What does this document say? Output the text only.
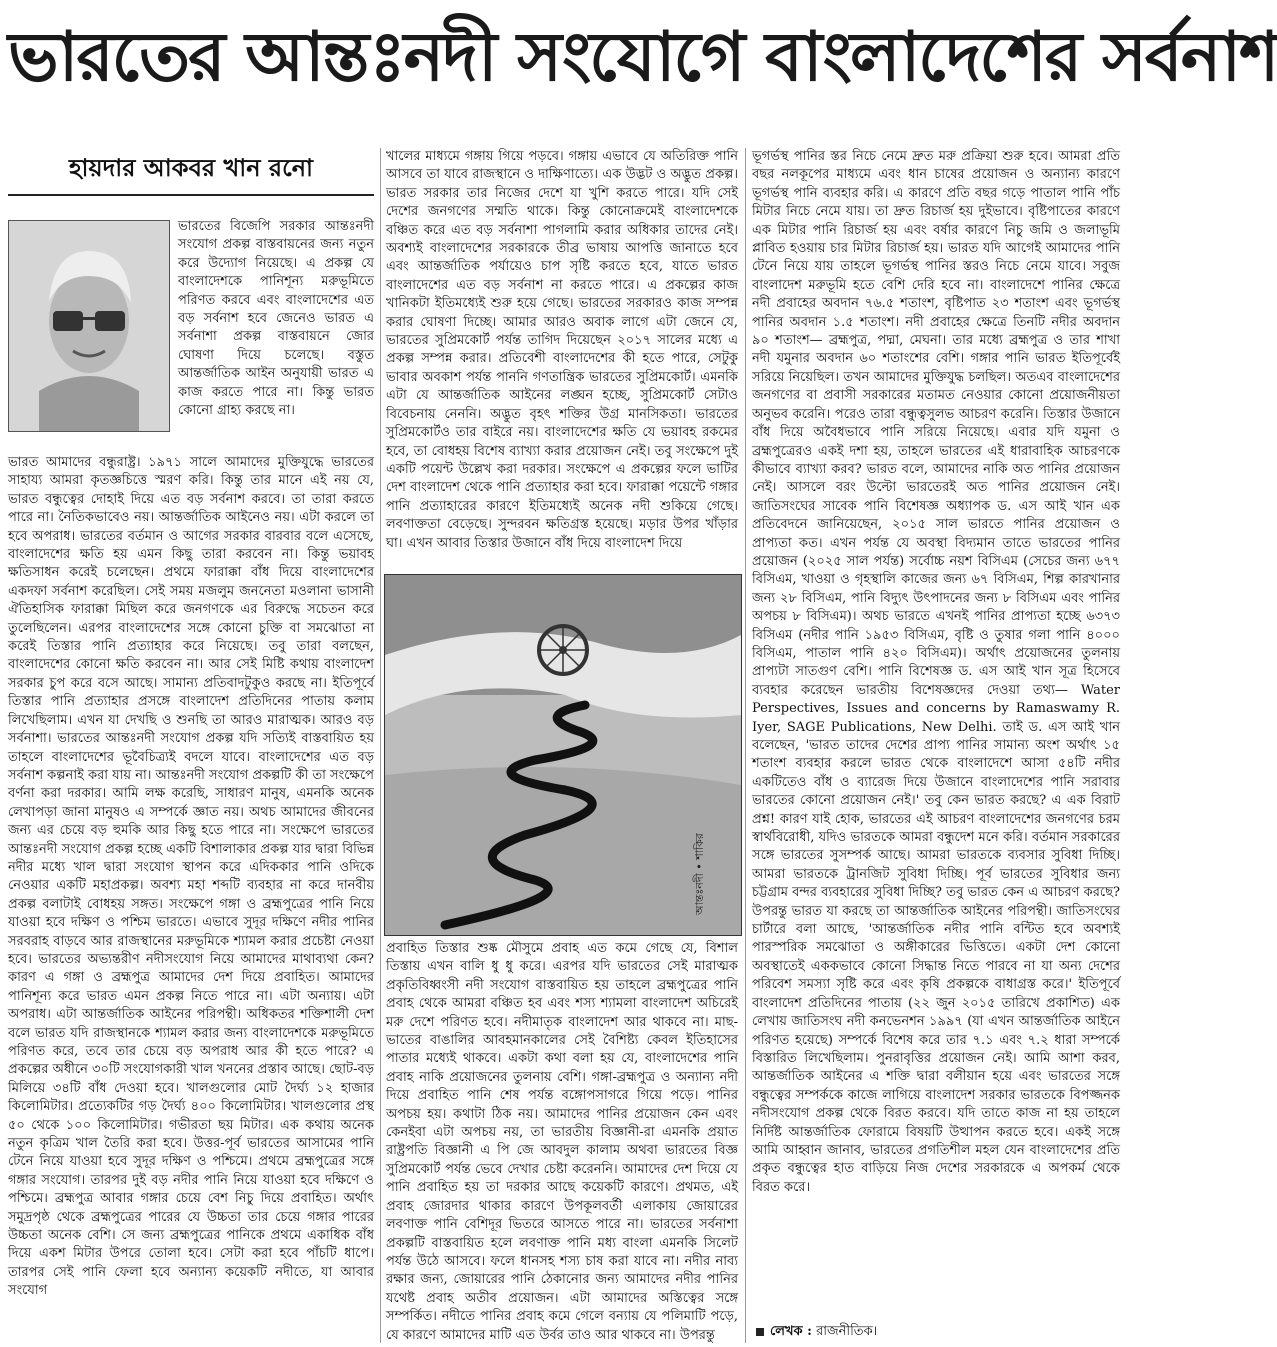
ভারতের আন্তঃনদী সংযোগে বাংলাদেশের সর্বনাশ
হায়দার আকবর খান রনো

ভারতের বিজেপি সরকার আন্তঃনদী সংযোগ প্রকল্প বাস্তবায়নের জন্য নতুন করে উদ্যোগ নিয়েছে। এ প্রকল্প যে বাংলাদেশকে পানিশূন্য মরুভূমিতে পরিণত করবে এবং বাংলাদেশের এত বড় সর্বনাশ হবে জেনেও ভারত এ সর্বনাশা প্রকল্প বাস্তবায়নে জোর ঘোষণা দিয়ে চলেছে। বস্তুত আন্তর্জাতিক আইন অনুযায়ী ভারত এ কাজ করতে পারে না। কিন্তু ভারত কোনো গ্রাহ্য করছে না।

ভারত আমাদের বন্ধুরাষ্ট্র। ১৯৭১ সালে আমাদের মুক্তিযুদ্ধে ভারতের সাহায্য আমরা কৃতজ্ঞচিত্তে স্মরণ করি। কিন্তু তার মানে এই নয় যে, ভারত বন্ধুত্বের দোহাই দিয়ে এত বড় সর্বনাশ করবে। তা তারা করতে পারে না। নৈতিকভাবেও নয়। আন্তর্জাতিক আইনেও নয়। এটা করলে তা হবে অপরাধ। ভারতের বর্তমান ও আগের সরকার বারবার বলে এসেছে, বাংলাদেশের ক্ষতি হয় এমন কিছু তারা করবেন না। কিন্তু ভয়াবহ ক্ষতিসাধন করেই চলেছেন। প্রথমে ফারাক্কা বাঁধ দিয়ে বাংলাদেশের একদফা সর্বনাশ করেছিল। সেই সময় মজলুম জননেতা মওলানা ভাসানী ঐতিহাসিক ফারাক্কা মিছিল করে জনগণকে এর বিরুদ্ধে সচেতন করে তুলেছিলেন। এরপর বাংলাদেশের সঙ্গে কোনো চুক্তি বা সমঝোতা না করেই তিস্তার পানি প্রত্যাহার করে নিয়েছে। তবু তারা বলছেন, বাংলাদেশের কোনো ক্ষতি করবেন না। আর সেই মিষ্টি কথায় বাংলাদেশ সরকার চুপ করে বসে আছে। সামান্য প্রতিবাদটুকুও করছে না। ইতিপূর্বে তিস্তার পানি প্রত্যাহার প্রসঙ্গে বাংলাদেশ প্রতিদিনের পাতায় কলাম লিখেছিলাম। এখন যা দেখছি ও শুনছি তা আরও মারাত্মক। আরও বড় সর্বনাশা। ভারতের আন্তঃনদী সংযোগ প্রকল্প যদি সত্যিই বাস্তবায়িত হয় তাহলে বাংলাদেশের ভূবৈচিত্র্যই বদলে যাবে। বাংলাদেশের এত বড় সর্বনাশ কল্পনাই করা যায় না। আন্তঃনদী সংযোগ প্রকল্পটি কী তা সংক্ষেপে বর্ণনা করা দরকার। আমি লক্ষ করেছি, সাধারণ মানুষ, এমনকি অনেক লেখাপড়া জানা মানুষও এ সম্পর্কে জ্ঞাত নয়। অথচ আমাদের জীবনের জন্য এর চেয়ে বড় হুমকি আর কিছু হতে পারে না। সংক্ষেপে ভারতের আন্তঃনদী সংযোগ প্রকল্প হচ্ছে একটি বিশালাকার প্রকল্প যার দ্বারা বিভিন্ন নদীর মধ্যে খাল দ্বারা সংযোগ স্থাপন করে এদিককার পানি ওদিকে নেওয়ার একটি মহাপ্রকল্প। অবশ্য মহা শব্দটি ব্যবহার না করে দানবীয় প্রকল্প বলাটাই বোধহয় সঙ্গত। সংক্ষেপে গঙ্গা ও ব্রহ্মপুত্রের পানি নিয়ে যাওয়া হবে দক্ষিণ ও পশ্চিম ভারতে। এভাবে সুদূর দক্ষিণে নদীর পানির সরবরাহ বাড়বে আর রাজস্থানের মরুভূমিকে শ্যামল করার প্রচেষ্টা নেওয়া হবে। ভারতের অভ্যন্তরীণ নদীসংযোগ নিয়ে আমাদের মাথাব্যথা কেন? কারণ এ গঙ্গা ও ব্রহ্মপুত্র আমাদের দেশ দিয়ে প্রবাহিত। আমাদের পানিশূন্য করে ভারত এমন প্রকল্প নিতে পারে না। এটা অন্যায়। এটা অপরাধ। এটা আন্তর্জাতিক আইনের পরিপন্থী। অধিকতর শক্তিশালী দেশ বলে ভারত যদি রাজস্থানকে শ্যামল করার জন্য বাংলাদেশকে মরুভূমিতে পরিণত করে, তবে তার চেয়ে বড় অপরাধ আর কী হতে পারে? এ প্রকল্পের অধীনে ৩০টি সংযোগকারী খাল খননের প্রস্তাব আছে। ছোট-বড় মিলিয়ে ৩৪টি বাঁধ দেওয়া হবে। খালগুলোর মোট দৈর্ঘ্য ১২ হাজার কিলোমিটার। প্রত্যেকটির গড় দৈর্ঘ্য ৪০০ কিলোমিটার। খালগুলোর প্রস্থ ৫০ থেকে ১০০ কিলোমিটার। গভীরতা ছয় মিটার। এক কথায় অনেক নতুন কৃত্রিম খাল তৈরি করা হবে। উত্তর-পূর্ব ভারতের আসামের পানি টেনে নিয়ে যাওয়া হবে সুদূর দক্ষিণ ও পশ্চিমে। প্রথমে ব্রহ্মপুত্রের সঙ্গে গঙ্গার সংযোগ। তারপর দুই বড় নদীর পানি নিয়ে যাওয়া হবে দক্ষিণে ও পশ্চিমে। ব্রহ্মপুত্র আবার গঙ্গার চেয়ে বেশ নিচু দিয়ে প্রবাহিত। অর্থাৎ সমুদ্রপৃষ্ঠ থেকে ব্রহ্মপুত্রের পারের যে উচ্চতা তার চেয়ে গঙ্গার পারের উচ্চতা অনেক বেশি। সে জন্য ব্রহ্মপুত্রের পানিকে প্রথমে একাধিক বাঁধ দিয়ে একশ মিটার উপরে তোলা হবে। সেটা করা হবে পাঁচটি ধাপে। তারপর সেই পানি ফেলা হবে অন্যান্য কয়েকটি নদীতে, যা আবার সংযোগ

খালের মাধ্যমে গঙ্গায় গিয়ে পড়বে। গঙ্গায় এভাবে যে অতিরিক্ত পানি আসবে তা যাবে রাজস্থানে ও দাক্ষিণাত্যে। এক উদ্ভট ও অদ্ভুত প্রকল্প। ভারত সরকার তার নিজের দেশে যা খুশি করতে পারে। যদি সেই দেশের জনগণের সম্মতি থাকে। কিন্তু কোনোক্রমেই বাংলাদেশকে বঞ্চিত করে এত বড় সর্বনাশা পাগলামি করার অধিকার তাদের নেই। অবশ্যই বাংলাদেশের সরকারকে তীব্র ভাষায় আপত্তি জানাতে হবে এবং আন্তর্জাতিক পর্যায়েও চাপ সৃষ্টি করতে হবে, যাতে ভারত বাংলাদেশের এত বড় সর্বনাশ না করতে পারে। এ প্রকল্পের কাজ খানিকটা ইতিমধ্যেই শুরু হয়ে গেছে। ভারতের সরকারও কাজ সম্পন্ন করার ঘোষণা দিচ্ছে। আমার আরও অবাক লাগে এটা জেনে যে, ভারতের সুপ্রিমকোর্ট পর্যন্ত তাগিদ দিয়েছেন ২০১৭ সালের মধ্যে এ প্রকল্প সম্পন্ন করার। প্রতিবেশী বাংলাদেশের কী হতে পারে, সেটুকু ভাবার অবকাশ পর্যন্ত পাননি গণতান্ত্রিক ভারতের সুপ্রিমকোর্ট। এমনকি এটা যে আন্তর্জাতিক আইনের লঙ্ঘন হচ্ছে, সুপ্রিমকোর্ট সেটাও বিবেচনায় নেননি। অদ্ভুত বৃহৎ শক্তির উগ্র মানসিকতা। ভারতের সুপ্রিমকোর্টও তার বাইরে নয়। বাংলাদেশের ক্ষতি যে ভয়াবহ রকমের হবে, তা বোধহয় বিশেষ ব্যাখ্যা করার প্রয়োজন নেই। তবু সংক্ষেপে দুই একটি পয়েন্ট উল্লেখ করা দরকার। সংক্ষেপে এ প্রকল্পের ফলে ভাটির দেশ বাংলাদেশ থেকে পানি প্রত্যাহার করা হবে। ফারাক্কা পয়েন্টে গঙ্গার পানি প্রত্যাহারের কারণে ইতিমধ্যেই অনেক নদী শুকিয়ে গেছে। লবণাক্ততা বেড়েছে। সুন্দরবন ক্ষতিগ্রস্ত হয়েছে। মড়ার উপর খাঁড়ার ঘা। এখন আবার তিস্তার উজানে বাঁধ দিয়ে বাংলাদেশ দিয়ে

আন্তঃনদী • শাকির

প্রবাহিত তিস্তার শুষ্ক মৌসুমে প্রবাহ এত কমে গেছে যে, বিশাল তিস্তায় এখন বালি ধু ধু করে। এরপর যদি ভারতের সেই মারাত্মক প্রকৃতিবিধ্বংসী নদী সংযোগ বাস্তবায়িত হয় তাহলে ব্রহ্মপুত্রের পানি প্রবাহ থেকে আমরা বঞ্চিত হব এবং শস্য শ্যামলা বাংলাদেশ অচিরেই মরু দেশে পরিণত হবে। নদীমাতৃক বাংলাদেশ আর থাকবে না। মাছ-ভাতের বাঙালির আবহমানকালের সেই বৈশিষ্ট্য কেবল ইতিহাসের পাতার মধ্যেই থাকবে। একটা কথা বলা হয় যে, বাংলাদেশের পানি প্রবাহ নাকি প্রয়োজনের তুলনায় বেশি। গঙ্গা-ব্রহ্মপুত্র ও অন্যান্য নদী দিয়ে প্রবাহিত পানি শেষ পর্যন্ত বঙ্গোপসাগরে গিয়ে পড়ে। পানির অপচয় হয়। কথাটা ঠিক নয়। আমাদের পানির প্রয়োজন কেন এবং কেনইবা এটা অপচয় নয়, তা ভারতীয় বিজ্ঞানী-রা এমনকি প্রয়াত রাষ্ট্রপতি বিজ্ঞানী এ পি জে আবদুল কালাম অথবা ভারতের বিজ্ঞ সুপ্রিমকোর্ট পর্যন্ত ভেবে দেখার চেষ্টা করেননি। আমাদের দেশ দিয়ে যে পানি প্রবাহিত হয় তা দরকার আছে কয়েকটি কারণে। প্রথমত, এই প্রবাহ জোরদার থাকার কারণে উপকূলবর্তী এলাকায় জোয়ারের লবণাক্ত পানি বেশিদূর ভিতরে আসতে পারে না। ভারতের সর্বনাশা প্রকল্পটি বাস্তবায়িত হলে লবণাক্ত পানি মধ্য বাংলা এমনকি সিলেট পর্যন্ত উঠে আসবে। ফলে ধানসহ শস্য চাষ করা যাবে না। নদীর নাব্য রক্ষার জন্য, জোয়ারের পানি ঠেকানোর জন্য আমাদের নদীর পানির যথেষ্ট প্রবাহ অতীব প্রয়োজন। এটা আমাদের অস্তিত্বের সঙ্গে সম্পর্কিত। নদীতে পানির প্রবাহ কমে গেলে বন্যায় যে পলিমাটি পড়ে, যে কারণে আমাদের মাটি এত উর্বর তাও আর থাকবে না। উপরন্তু

ভূগর্ভস্থ পানির স্তর নিচে নেমে দ্রুত মরু প্রক্রিয়া শুরু হবে। আমরা প্রতি বছর নলকূপের মাধ্যমে এবং ধান চাষের প্রয়োজন ও অন্যান্য কারণে ভূগর্ভস্থ পানি ব্যবহার করি। এ কারণে প্রতি বছর গড়ে পাতাল পানি পাঁচ মিটার নিচে নেমে যায়। তা দ্রুত রিচার্জ হয় দুইভাবে। বৃষ্টিপাতের কারণে এক মিটার পানি রিচার্জ হয় এবং বর্ষার কারণে নিচু জমি ও জলাভূমি প্লাবিত হওয়ায় চার মিটার রিচার্জ হয়। ভারত যদি আগেই আমাদের পানি টেনে নিয়ে যায় তাহলে ভূগর্ভস্থ পানির স্তরও নিচে নেমে যাবে। সবুজ বাংলাদেশ মরুভূমি হতে বেশি দেরি হবে না। বাংলাদেশে পানির ক্ষেত্রে নদী প্রবাহের অবদান ৭৬.৫ শতাংশ, বৃষ্টিপাত ২৩ শতাংশ এবং ভূগর্ভস্থ পানির অবদান ১.৫ শতাংশ। নদী প্রবাহের ক্ষেত্রে তিনটি নদীর অবদান ৯০ শতাংশ— ব্রহ্মপুত্র, পদ্মা, মেঘনা। তার মধ্যে ব্রহ্মপুত্র ও তার শাখা নদী যমুনার অবদান ৬০ শতাংশের বেশি। গঙ্গার পানি ভারত ইতিপূর্বেই সরিয়ে নিয়েছিল। তখন আমাদের মুক্তিযুদ্ধ চলছিল। অতএব বাংলাদেশের জনগণের বা প্রবাসী সরকারের মতামত নেওয়ার কোনো প্রয়োজনীয়তা অনুভব করেনি। পরেও তারা বন্ধুত্বসুলভ আচরণ করেনি। তিস্তার উজানে বাঁধ দিয়ে অবৈধভাবে পানি সরিয়ে নিয়েছে। এবার যদি যমুনা ও ব্রহ্মপুত্রেরও একই দশা হয়, তাহলে ভারতের এই ধারাবাহিক আচরণকে কীভাবে ব্যাখ্যা করব? ভারত বলে, আমাদের নাকি অত পানির প্রয়োজন নেই। আসলে বরং উল্টো ভারতেরই অত পানির প্রয়োজন নেই। জাতিসংঘের সাবেক পানি বিশেষজ্ঞ অধ্যাপক ড. এস আই খান এক প্রতিবেদনে জানিয়েছেন, ২০১৫ সাল ভারতে পানির প্রয়োজন ও প্রাপ্যতা কত। এখন পর্যন্ত যে অবস্থা বিদ্যমান তাতে ভারতের পানির প্রয়োজন (২০২৫ সাল পর্যন্ত) সর্বোচ্চ নয়শ বিসিএম (সেচের জন্য ৬৭৭ বিসিএম, খাওয়া ও গৃহস্থালি কাজের জন্য ৬৭ বিসিএম, শিল্প কারখানার জন্য ২৮ বিসিএম, পানি বিদ্যুৎ উৎপাদনের জন্য ৮ বিসিএম এবং পানির অপচয় ৮ বিসিএম)। অথচ ভারতে এখনই পানির প্রাপ্যতা হচ্ছে ৬৩৭৩ বিসিএম (নদীর পানি ১৯৫৩ বিসিএম, বৃষ্টি ও তুষার গলা পানি ৪০০০ বিসিএম, পাতাল পানি ৪২০ বিসিএম)। অর্থাৎ প্রয়োজনের তুলনায় প্রাপ্যটা সাতগুণ বেশি। পানি বিশেষজ্ঞ ড. এস আই খান সূত্র হিসেবে ব্যবহার করেছেন ভারতীয় বিশেষজ্ঞদের দেওয়া তথ্য— Water Perspectives, Issues and concerns by Ramaswamy R. Iyer, SAGE Publications, New Delhi. তাই ড. এস আই খান বলেছেন, 'ভারত তাদের দেশের প্রাপ্য পানির সামান্য অংশ অর্থাৎ ১৫ শতাংশ ব্যবহার করলে ভারত থেকে বাংলাদেশে আসা ৫৪টি নদীর একটিতেও বাঁধ ও ব্যারেজ দিয়ে উজানে বাংলাদেশের পানি সরাবার ভারতের কোনো প্রয়োজন নেই।' তবু কেন ভারত করছে? এ এক বিরাট প্রশ্ন! কারণ যাই হোক, ভারতের এই আচরণ বাংলাদেশের জনগণের চরম স্বার্থবিরোধী, যদিও ভারতকে আমরা বন্ধুদেশ মনে করি। বর্তমান সরকারের সঙ্গে ভারতের সুসম্পর্ক আছে। আমরা ভারতকে ব্যবসার সুবিধা দিচ্ছি। আমরা ভারতকে ট্রানজিট সুবিধা দিচ্ছি। পূর্ব ভারতের সুবিধার জন্য চট্টগ্রাম বন্দর ব্যবহারের সুবিধা দিচ্ছি? তবু ভারত কেন এ আচরণ করছে? উপরন্তু ভারত যা করছে তা আন্তর্জাতিক আইনের পরিপন্থী। জাতিসংঘের চার্টারে বলা আছে, 'আন্তর্জাতিক নদীর পানি বন্টিত হবে অবশ্যই পারস্পরিক সমঝোতা ও অঙ্গীকারের ভিত্তিতে। একটা দেশ কোনো অবস্থাতেই এককভাবে কোনো সিদ্ধান্ত নিতে পারবে না যা অন্য দেশের পরিবেশ সমস্যা সৃষ্টি করে এবং কৃষি প্রকল্পকে বাধাগ্রস্ত করে।' ইতিপূর্বে বাংলাদেশ প্রতিদিনের পাতায় (২২ জুন ২০১৫ তারিখে প্রকাশিত) এক লেখায় জাতিসংঘ নদী কনভেনশন ১৯৯৭ (যা এখন আন্তর্জাতিক আইনে পরিণত হয়েছে) সম্পর্কে বিশেষ করে তার ৭.১ এবং ৭.২ ধারা সম্পর্কে বিস্তারিত লিখেছিলাম। পুনরাবৃত্তির প্রয়োজন নেই। আমি আশা করব, আন্তর্জাতিক আইনের এ শক্তি দ্বারা বলীয়ান হয়ে এবং ভারতের সঙ্গে বন্ধুত্বের সম্পর্ককে কাজে লাগিয়ে বাংলাদেশ সরকার ভারতকে বিপজ্জনক নদীসংযোগ প্রকল্প থেকে বিরত করবে। যদি তাতে কাজ না হয় তাহলে নির্দিষ্ট আন্তর্জাতিক ফোরামে বিষয়টি উত্থাপন করতে হবে। একই সঙ্গে আমি আহ্বান জানাব, ভারতের প্রগতিশীল মহল যেন বাংলাদেশের প্রতি প্রকৃত বন্ধুত্বের হাত বাড়িয়ে নিজ দেশের সরকারকে এ অপকর্ম থেকে বিরত করে।

লেখক : রাজনীতিক।
